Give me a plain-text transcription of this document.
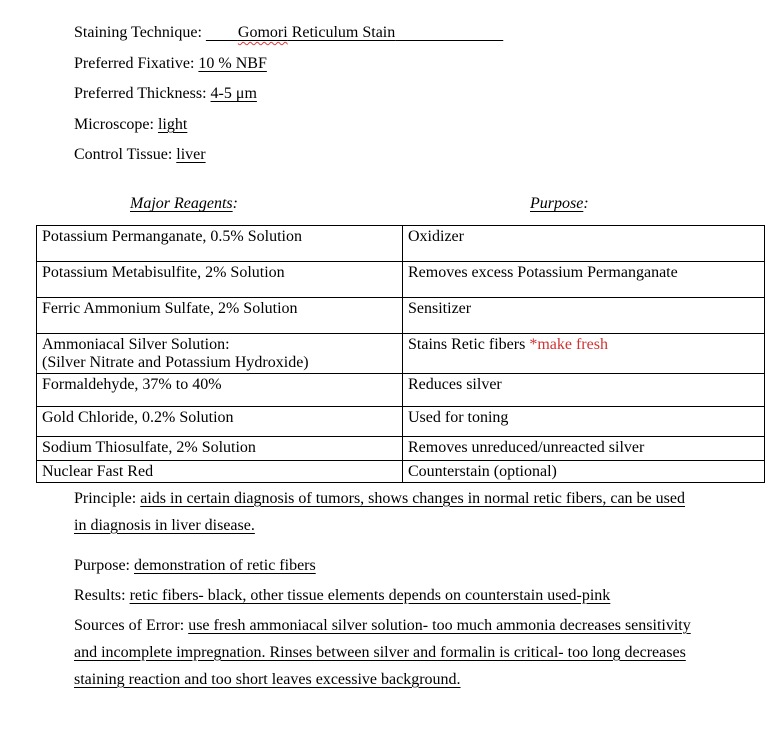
Staining Technique:         Gomori Reticulum Stain

Preferred Fixative: 10 % NBF

Preferred Thickness: 4-5 μm

Microscope: light

Control Tissue: liver

Major Reagents:	Purpose:

Potassium Permanganate, 0.5% Solution	Oxidizer
Potassium Metabisulfite, 2% Solution	Removes excess Potassium Permanganate
Ferric Ammonium Sulfate, 2% Solution	Sensitizer
Ammoniacal Silver Solution:
(Silver Nitrate and Potassium Hydroxide)	Stains Retic fibers *make fresh
Formaldehyde, 37% to 40%	Reduces silver
Gold Chloride, 0.2% Solution	Used for toning
Sodium Thiosulfate, 2% Solution	Removes unreduced/unreacted silver
Nuclear Fast Red	Counterstain (optional)

Principle: aids in certain diagnosis of tumors, shows changes in normal retic fibers, can be used in diagnosis in liver disease.

Purpose: demonstration of retic fibers

Results: retic fibers- black, other tissue elements depends on counterstain used-pink

Sources of Error: use fresh ammoniacal silver solution- too much ammonia decreases sensitivity and incomplete impregnation. Rinses between silver and formalin is critical- too long decreases staining reaction and too short leaves excessive background.
